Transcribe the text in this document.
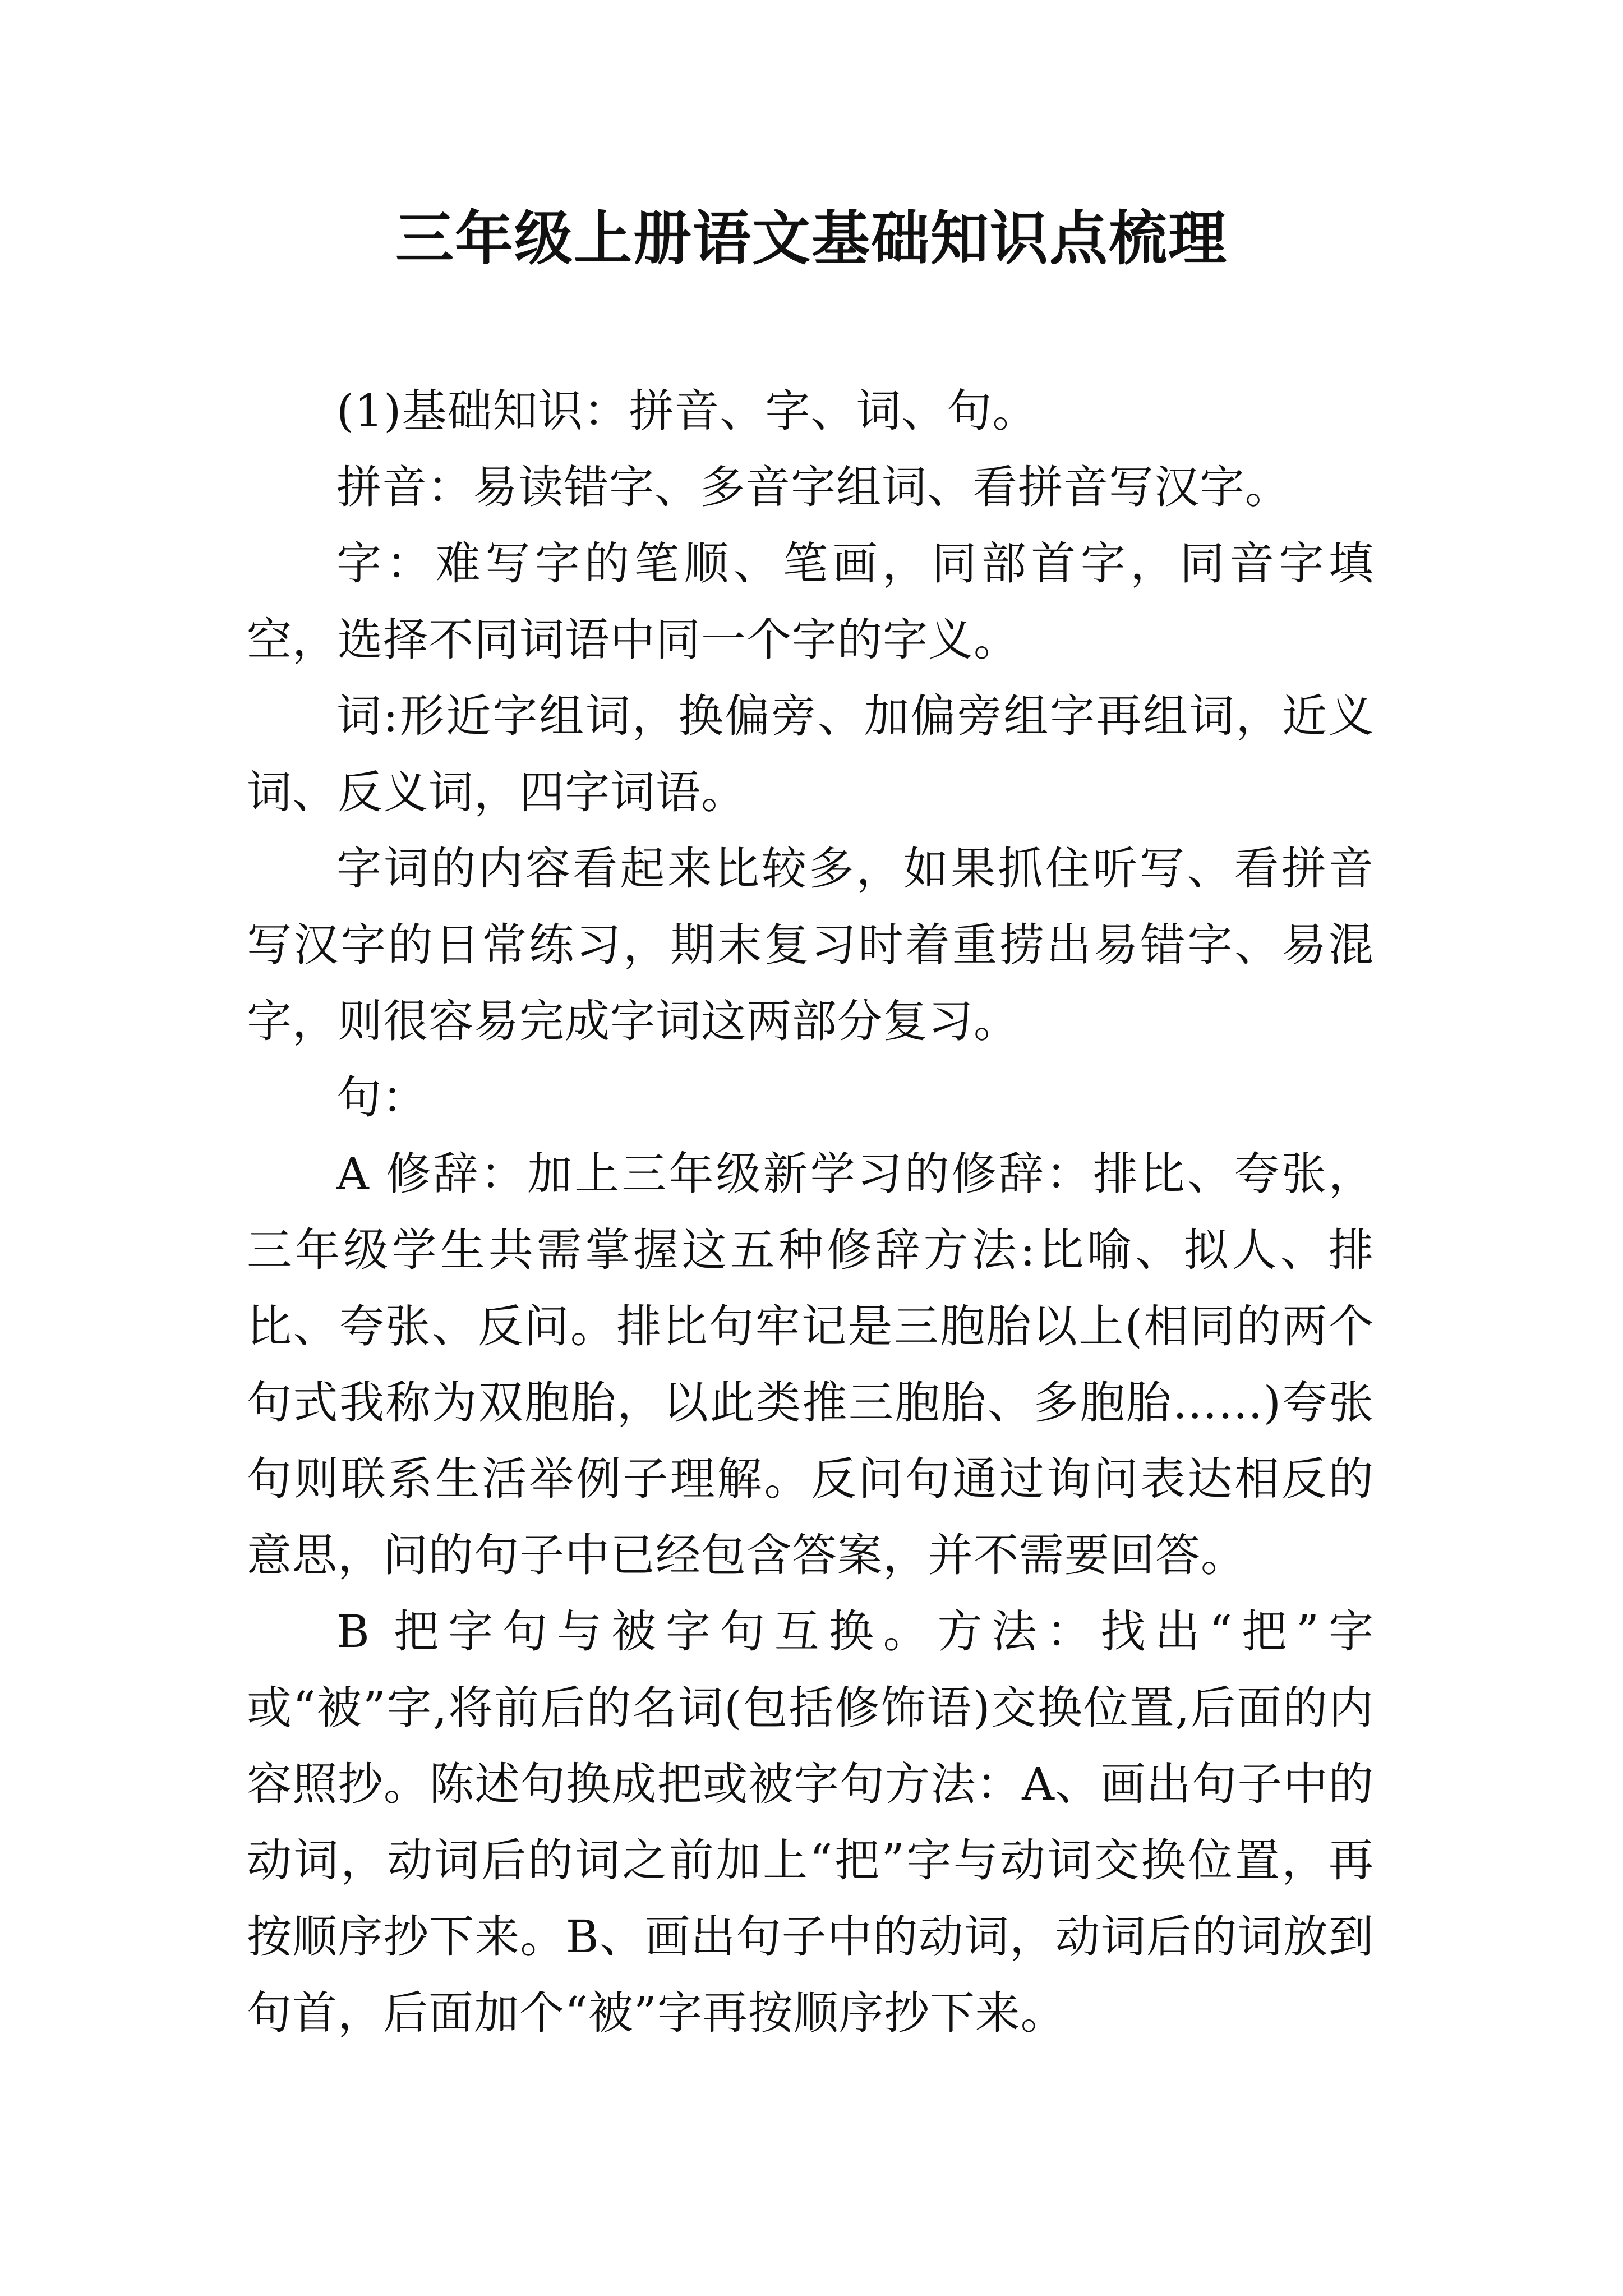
三年级上册语文基础知识点梳理

(1)基础知识：拼音、字、词、句。

拼音：易读错字、多音字组词、看拼音写汉字。

字：难写字的笔顺、笔画，同部首字，同音字填空，选择不同词语中同一个字的字义。

词:形近字组词，换偏旁、加偏旁组字再组词，近义词、反义词，四字词语。

字词的内容看起来比较多，如果抓住听写、看拼音写汉字的日常练习，期末复习时着重捞出易错字、易混字，则很容易完成字词这两部分复习。

句：

A 修辞：加上三年级新学习的修辞：排比、夸张，三年级学生共需掌握这五种修辞方法:比喻、拟人、排比、夸张、反问。排比句牢记是三胞胎以上(相同的两个句式我称为双胞胎，以此类推三胞胎、多胞胎……)夸张句则联系生活举例子理解。反问句通过询问表达相反的意思，问的句子中已经包含答案，并不需要回答。

B 把字句与被字句互换。方法：找出“把”字或“被”字,将前后的名词(包括修饰语)交换位置,后面的内容照抄。陈述句换成把或被字句方法：A、画出句子中的动词，动词后的词之前加上“把”字与动词交换位置，再按顺序抄下来。B、画出句子中的动词，动词后的词放到句首，后面加个“被”字再按顺序抄下来。
